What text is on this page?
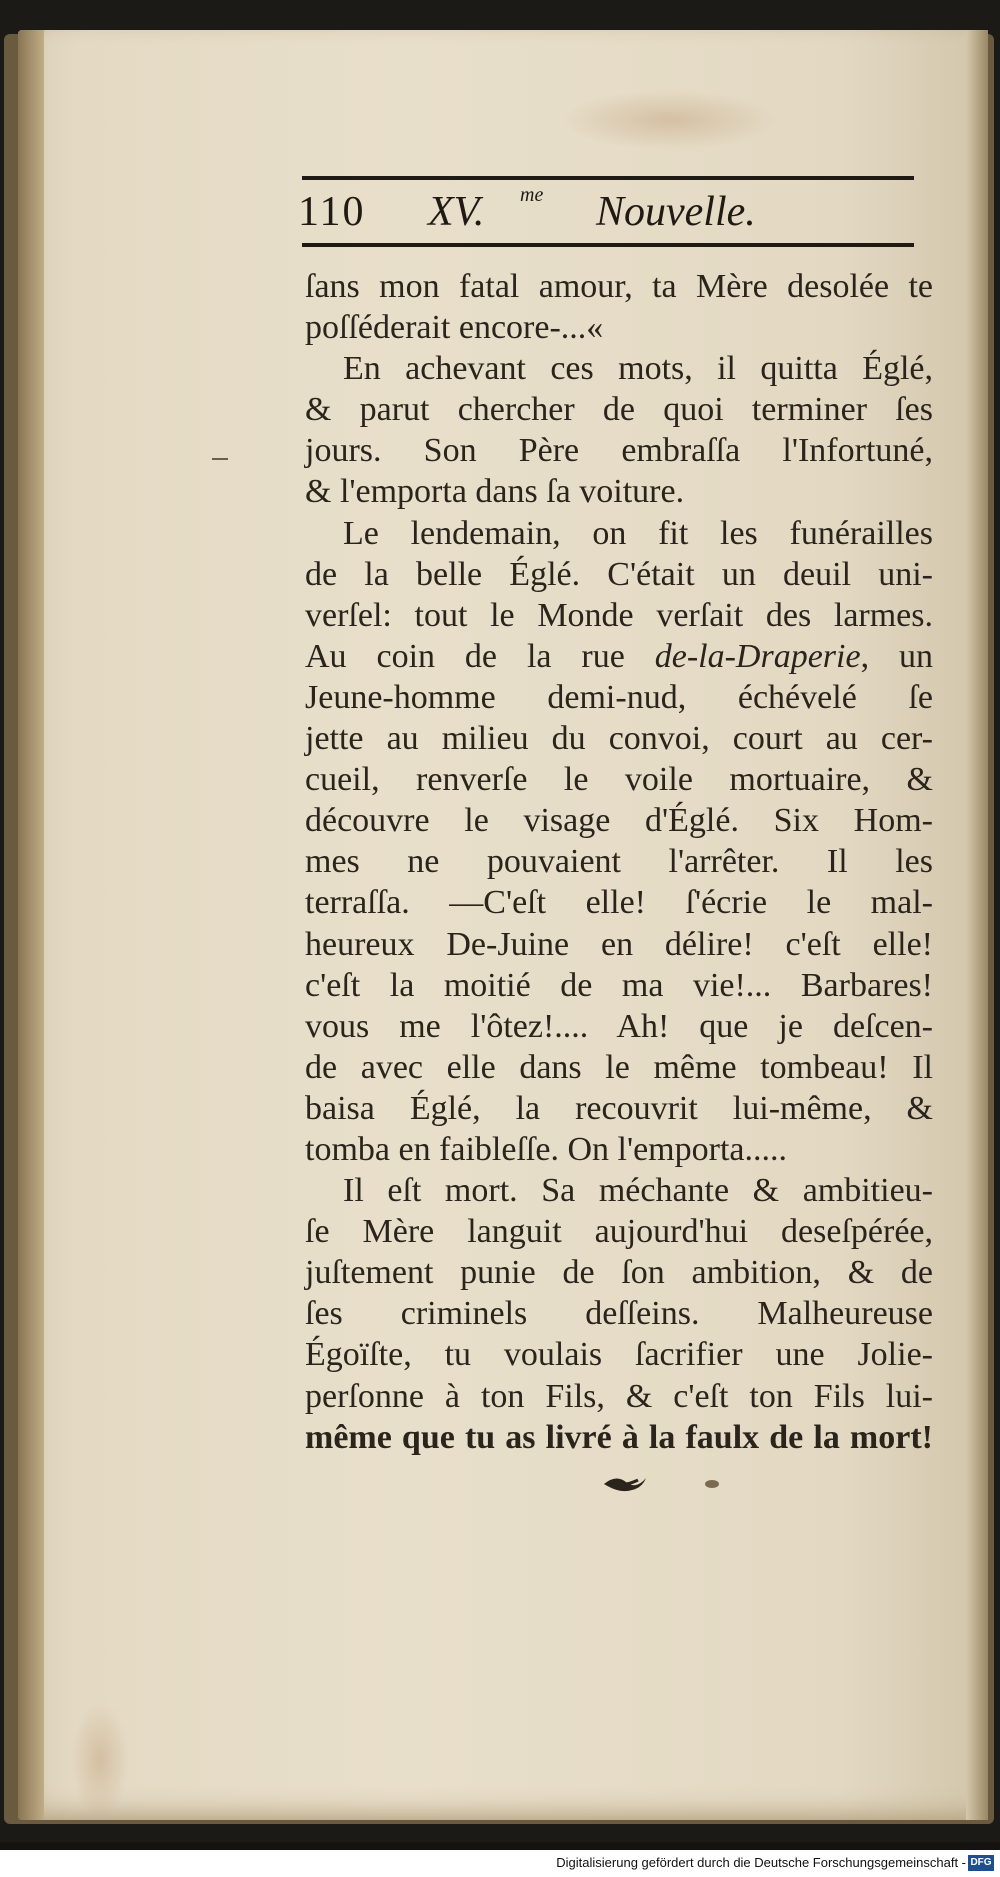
110 XV. me Nouvelle.
ſans mon fatal amour, ta Mère desolée te
poſſéderait encore-...«
En achevant ces mots, il quitta Églé,
& parut chercher de quoi terminer ſes
jours. Son Père embraſſa l'Infortuné,
& l'emporta dans ſa voiture.
Le lendemain, on fit les funérailles
de la belle Églé. C'était un deuil uni-
verſel: tout le Monde verſait des larmes.
Au coin de la rue de-la-Draperie, un
Jeune-homme demi-nud, échévelé ſe
jette au milieu du convoi, court au cer-
cueil, renverſe le voile mortuaire, &
découvre le visage d'Églé. Six Hom-
mes ne pouvaient l'arrêter. Il les
terraſſa. —C'eſt elle! ſ'écrie le mal-
heureux De-Juine en délire! c'eſt elle!
c'eſt la moitié de ma vie!... Barbares!
vous me l'ôtez!.... Ah! que je deſcen-
de avec elle dans le même tombeau! Il
baisa Églé, la recouvrit lui-même, &
tomba en faibleſſe. On l'emporta.....
Il eſt mort. Sa méchante & ambitieu-
ſe Mère languit aujourd'hui deseſpérée,
juſtement punie de ſon ambition, & de
ſes criminels deſſeins. Malheureuse
Égoïſte, tu voulais ſacrifier une Jolie-
perſonne à ton Fils, & c'eſt ton Fils lui-
même que tu as livré à la faulx de la mort!
Digitalisierung gefördert durch die Deutsche Forschungsgemeinschaft - DFG
